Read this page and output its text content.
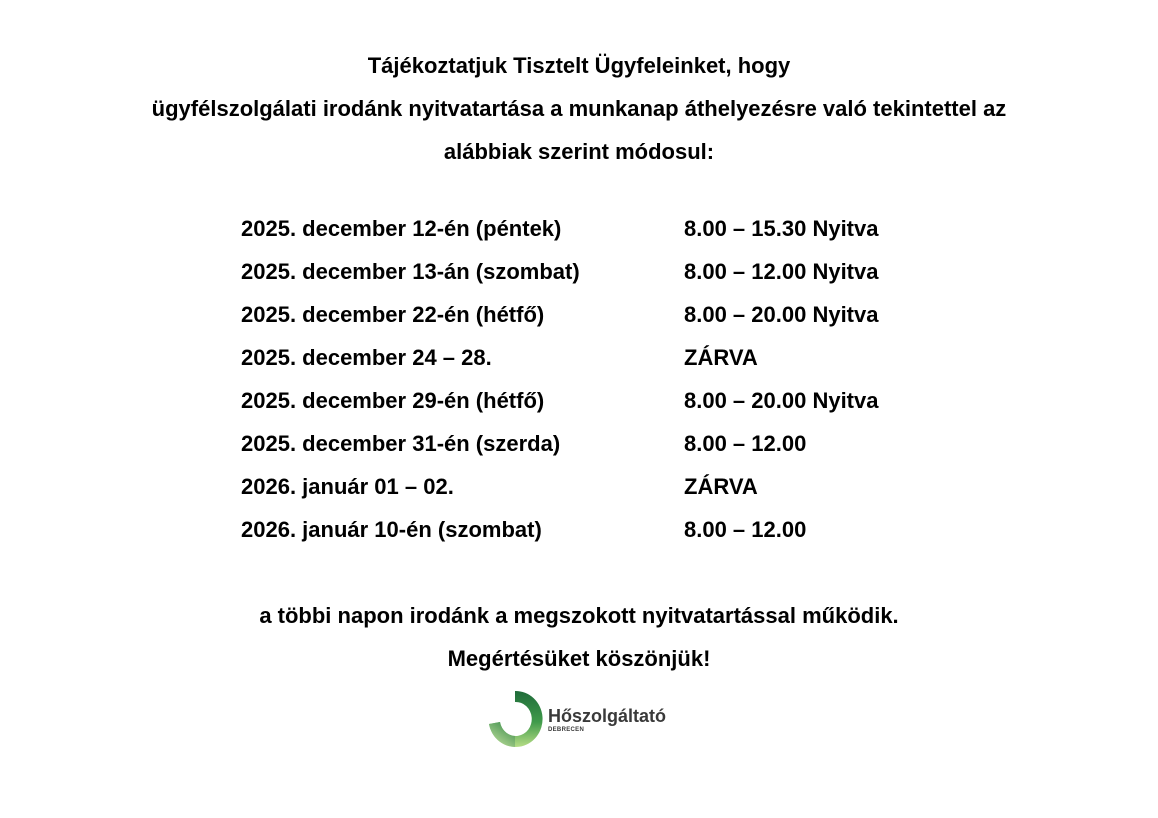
Tájékoztatjuk Tisztelt Ügyfeleinket, hogy
ügyfélszolgálati irodánk nyitvatartása a munkanap áthelyezésre való tekintettel az
alábbiak szerint módosul:
2025. december 12-én (péntek)	8.00 – 15.30 Nyitva
2025. december 13-án (szombat)	8.00 – 12.00 Nyitva
2025. december 22-én (hétfő)	8.00 – 20.00 Nyitva
2025. december 24 – 28.	ZÁRVA
2025. december 29-én (hétfő)	8.00 – 20.00 Nyitva
2025. december 31-én (szerda)	8.00 – 12.00
2026. január 01 – 02.	ZÁRVA
2026. január 10-én (szombat)	8.00 – 12.00
a többi napon irodánk a megszokott nyitvatartással működik.
Megértésüket köszönjük!
Hőszolgáltató
DEBRECEN
